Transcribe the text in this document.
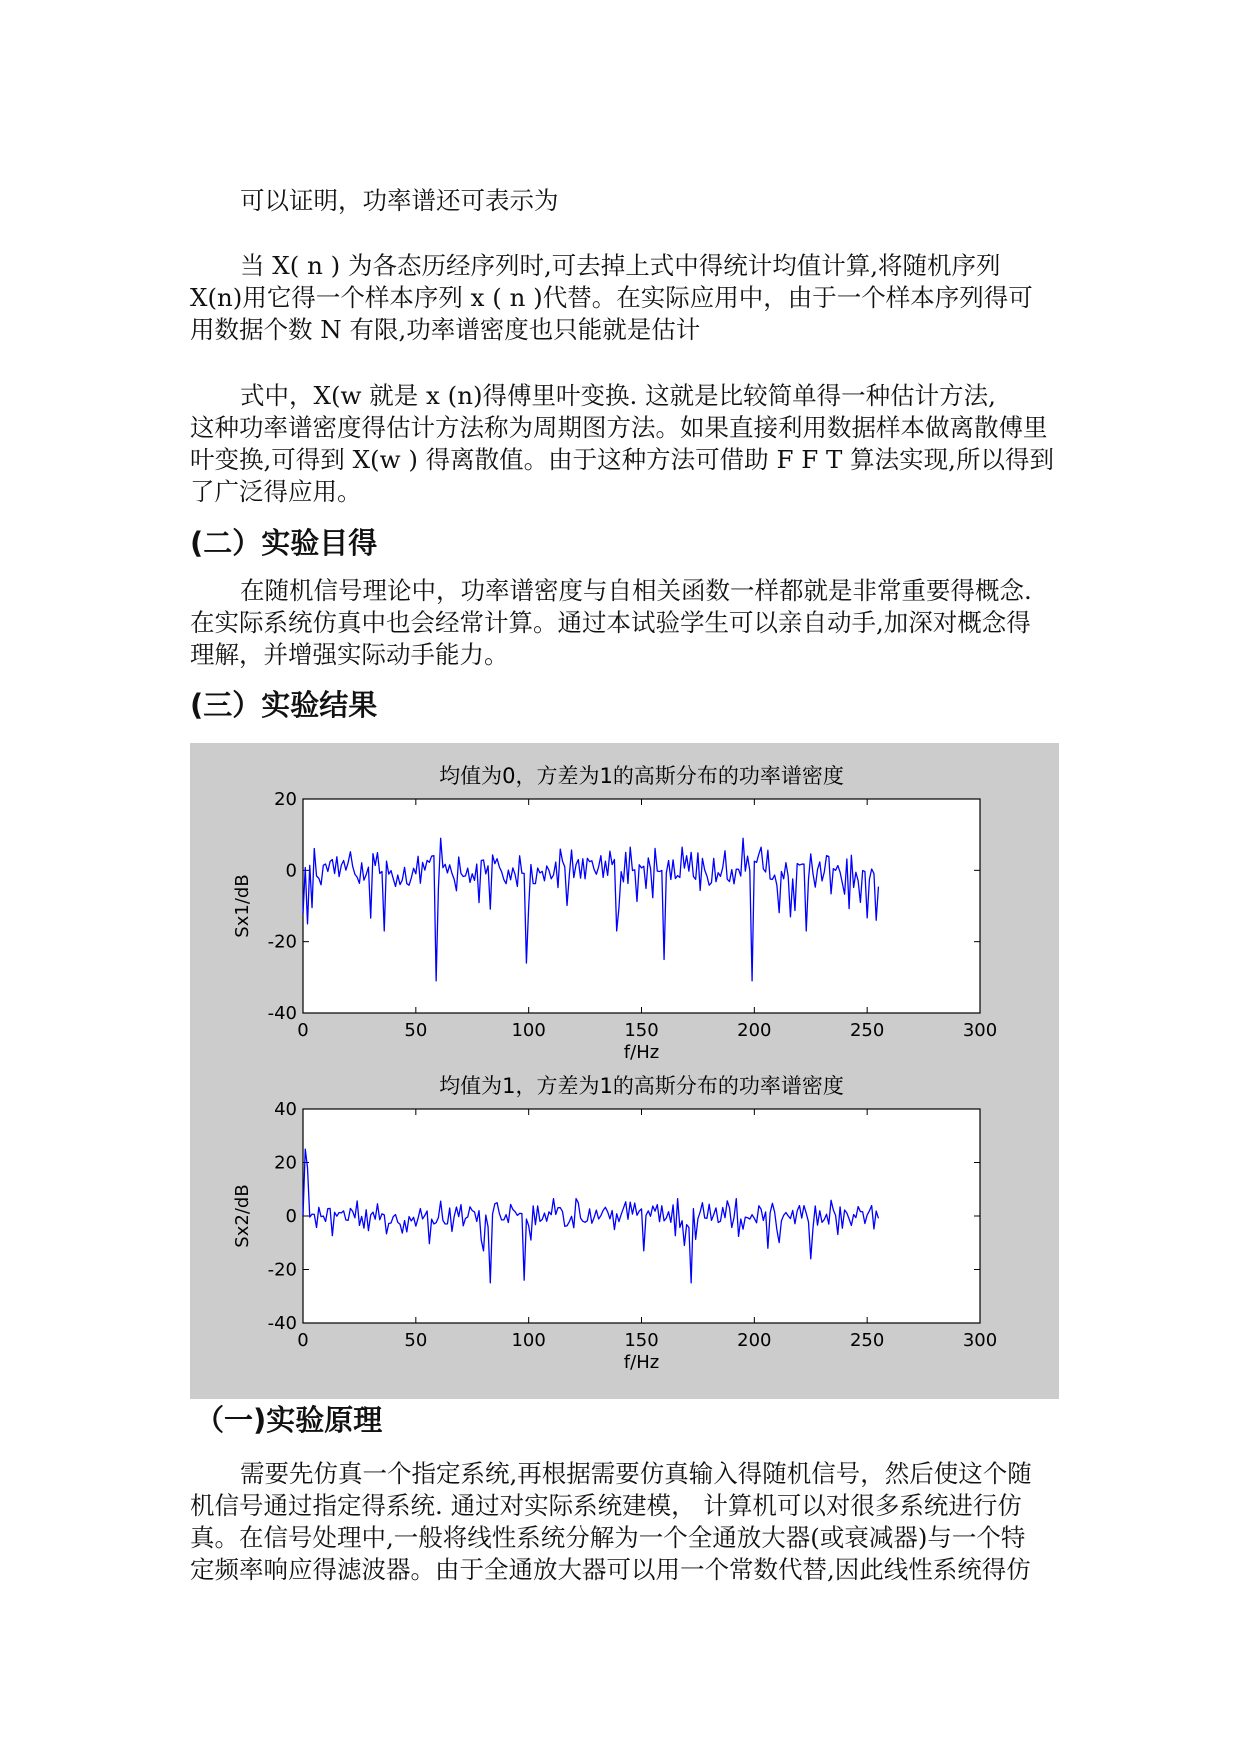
可以证明，功率谱还可表示为

当 X( n ) 为各态历经序列时,可去掉上式中得统计均值计算,将随机序列

X(n)用它得一个样本序列 x ( n )代替。在实际应用中，由于一个样本序列得可

用数据个数 N 有限,功率谱密度也只能就是估计

式中，X(w 就是 x (n)得傅里叶变换. 这就是比较简单得一种估计方法,

这种功率谱密度得估计方法称为周期图方法。如果直接利用数据样本做离散傅里

叶变换,可得到 X(w ) 得离散值。由于这种方法可借助 F F T 算法实现,所以得到

了广泛得应用。

(二）实验目得

在随机信号理论中，功率谱密度与自相关函数一样都就是非常重要得概念.

在实际系统仿真中也会经常计算。通过本试验学生可以亲自动手,加深对概念得

理解，并增强实际动手能力。

(三）实验结果
均值为0，方差为1的高斯分布的功率谱密度
0	50	100	150	200	250	300
20
0
-20
-40
f/Hz
Sx1/dB
均值为1，方差为1的高斯分布的功率谱密度
0	50	100	150	200	250	300
40
20
0
-20
-40
f/Hz
Sx2/dB
（一)实验原理

需要先仿真一个指定系统,再根据需要仿真输入得随机信号，然后使这个随

机信号通过指定得系统. 通过对实际系统建模， 计算机可以对很多系统进行仿

真。在信号处理中,一般将线性系统分解为一个全通放大器(或衰减器)与一个特

定频率响应得滤波器。由于全通放大器可以用一个常数代替,因此线性系统得仿
